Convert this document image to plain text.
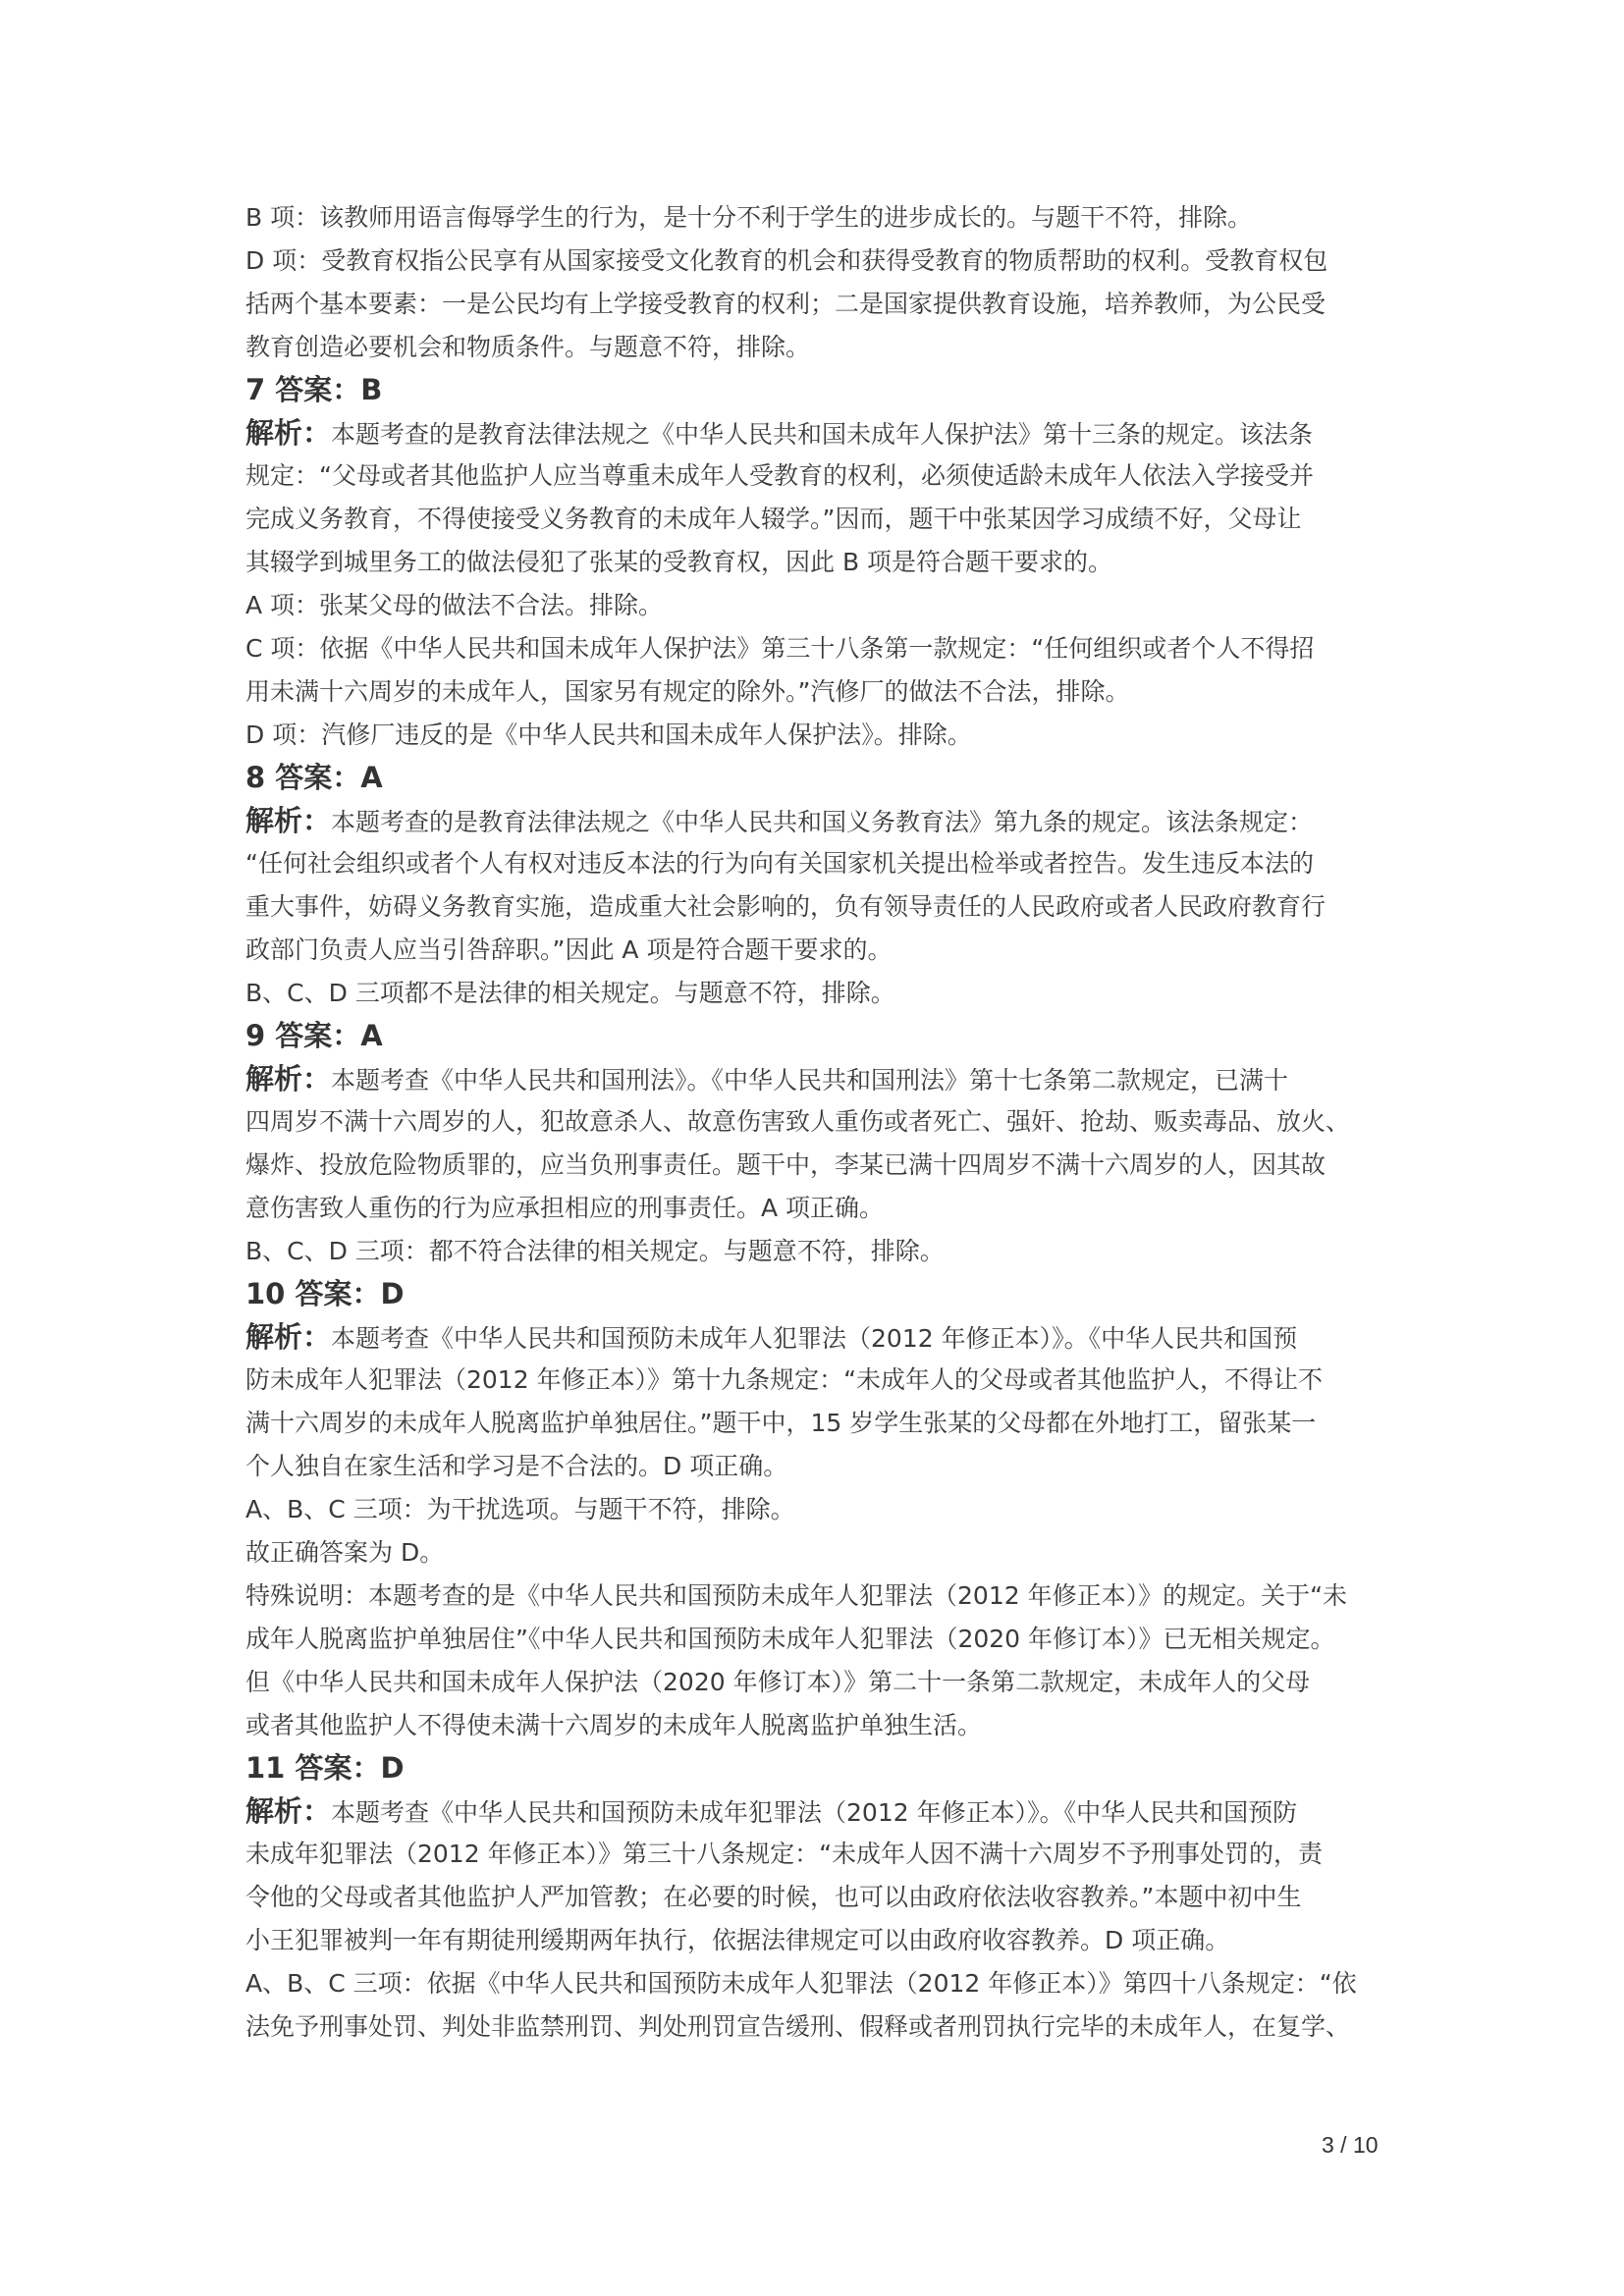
B 项：该教师用语言侮辱学生的行为，是十分不利于学生的进步成长的。与题干不符，排除。
D 项：受教育权指公民享有从国家接受文化教育的机会和获得受教育的物质帮助的权利。受教育权包
括两个基本要素：一是公民均有上学接受教育的权利；二是国家提供教育设施，培养教师，为公民受
教育创造必要机会和物质条件。与题意不符，排除。
7 答案：B
解析：本题考查的是教育法律法规之《中华人民共和国未成年人保护法》第十三条的规定。该法条
规定：“父母或者其他监护人应当尊重未成年人受教育的权利，必须使适龄未成年人依法入学接受并
完成义务教育，不得使接受义务教育的未成年人辍学。”因而，题干中张某因学习成绩不好，父母让
其辍学到城里务工的做法侵犯了张某的受教育权，因此 B 项是符合题干要求的。
A 项：张某父母的做法不合法。排除。
C 项：依据《中华人民共和国未成年人保护法》第三十八条第一款规定：“任何组织或者个人不得招
用未满十六周岁的未成年人，国家另有规定的除外。”汽修厂的做法不合法，排除。
D 项：汽修厂违反的是《中华人民共和国未成年人保护法》。排除。
8 答案：A
解析：本题考查的是教育法律法规之《中华人民共和国义务教育法》第九条的规定。该法条规定：
“任何社会组织或者个人有权对违反本法的行为向有关国家机关提出检举或者控告。发生违反本法的
重大事件，妨碍义务教育实施，造成重大社会影响的，负有领导责任的人民政府或者人民政府教育行
政部门负责人应当引咎辞职。”因此 A 项是符合题干要求的。
B、C、D 三项都不是法律的相关规定。与题意不符，排除。
9 答案：A
解析：本题考查《中华人民共和国刑法》。《中华人民共和国刑法》第十七条第二款规定，已满十
四周岁不满十六周岁的人，犯故意杀人、故意伤害致人重伤或者死亡、强奸、抢劫、贩卖毒品、放火、
爆炸、投放危险物质罪的，应当负刑事责任。题干中，李某已满十四周岁不满十六周岁的人，因其故
意伤害致人重伤的行为应承担相应的刑事责任。A 项正确。
B、C、D 三项：都不符合法律的相关规定。与题意不符，排除。
10 答案：D
解析：本题考查《中华人民共和国预防未成年人犯罪法（2012 年修正本）》。《中华人民共和国预
防未成年人犯罪法（2012 年修正本）》第十九条规定：“未成年人的父母或者其他监护人，不得让不
满十六周岁的未成年人脱离监护单独居住。”题干中，15 岁学生张某的父母都在外地打工，留张某一
个人独自在家生活和学习是不合法的。D 项正确。
A、B、C 三项：为干扰选项。与题干不符，排除。
故正确答案为 D。
特殊说明：本题考查的是《中华人民共和国预防未成年人犯罪法（2012 年修正本）》的规定。关于“未
成年人脱离监护单独居住”《中华人民共和国预防未成年人犯罪法（2020 年修订本）》已无相关规定。
但《中华人民共和国未成年人保护法（2020 年修订本）》第二十一条第二款规定，未成年人的父母
或者其他监护人不得使未满十六周岁的未成年人脱离监护单独生活。
11 答案：D
解析：本题考查《中华人民共和国预防未成年犯罪法（2012 年修正本）》。《中华人民共和国预防
未成年犯罪法（2012 年修正本）》第三十八条规定：“未成年人因不满十六周岁不予刑事处罚的，责
令他的父母或者其他监护人严加管教；在必要的时候，也可以由政府依法收容教养。”本题中初中生
小王犯罪被判一年有期徒刑缓期两年执行，依据法律规定可以由政府收容教养。D 项正确。
A、B、C 三项：依据《中华人民共和国预防未成年人犯罪法（2012 年修正本）》第四十八条规定：“依
法免予刑事处罚、判处非监禁刑罚、判处刑罚宣告缓刑、假释或者刑罚执行完毕的未成年人，在复学、
3 / 10
